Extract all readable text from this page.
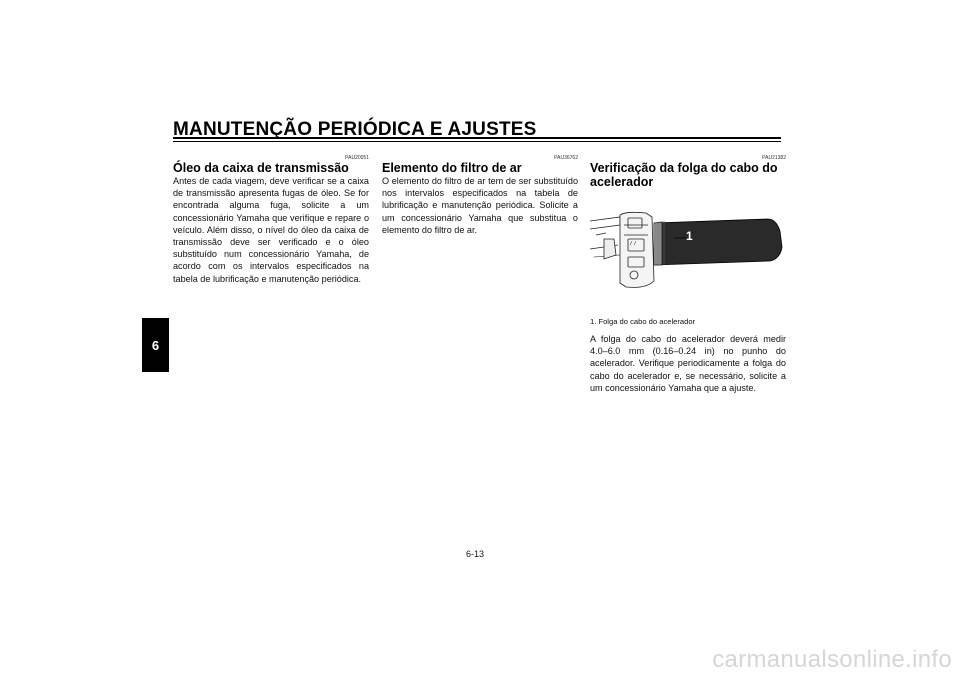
MANUTENÇÃO PERIÓDICA E AJUSTES
6
PAU20051
Óleo da caixa de transmissão

Antes de cada viagem, deve verificar se a caixa de transmissão apresenta fugas de óleo. Se for encontrada alguma fuga, solicite a um concessionário Yamaha que verifique e repare o veículo. Além disso, o nível do óleo da caixa de transmissão deve ser verificado e o óleo substituído num concessionário Yamaha, de acordo com os intervalos especificados na tabela de lubrificação e manutenção periódica.

PAU36762
Elemento do filtro de ar

O elemento do filtro de ar tem de ser substituído nos intervalos especificados na tabela de lubrificação e manutenção periódica. Solicite a um concessionário Yamaha que substitua o elemento do filtro de ar.

PAU21382
Verificação da folga do cabo do acelerador
1
1. Folga do cabo do acelerador

A folga do cabo do acelerador deverá medir 4.0–6.0 mm (0.16–0.24 in) no punho do acelerador. Verifique periodicamente a folga do cabo do acelerador e, se necessário, solicite a um concessionário Yamaha que a ajuste.

6-13
carmanualsonline.info
